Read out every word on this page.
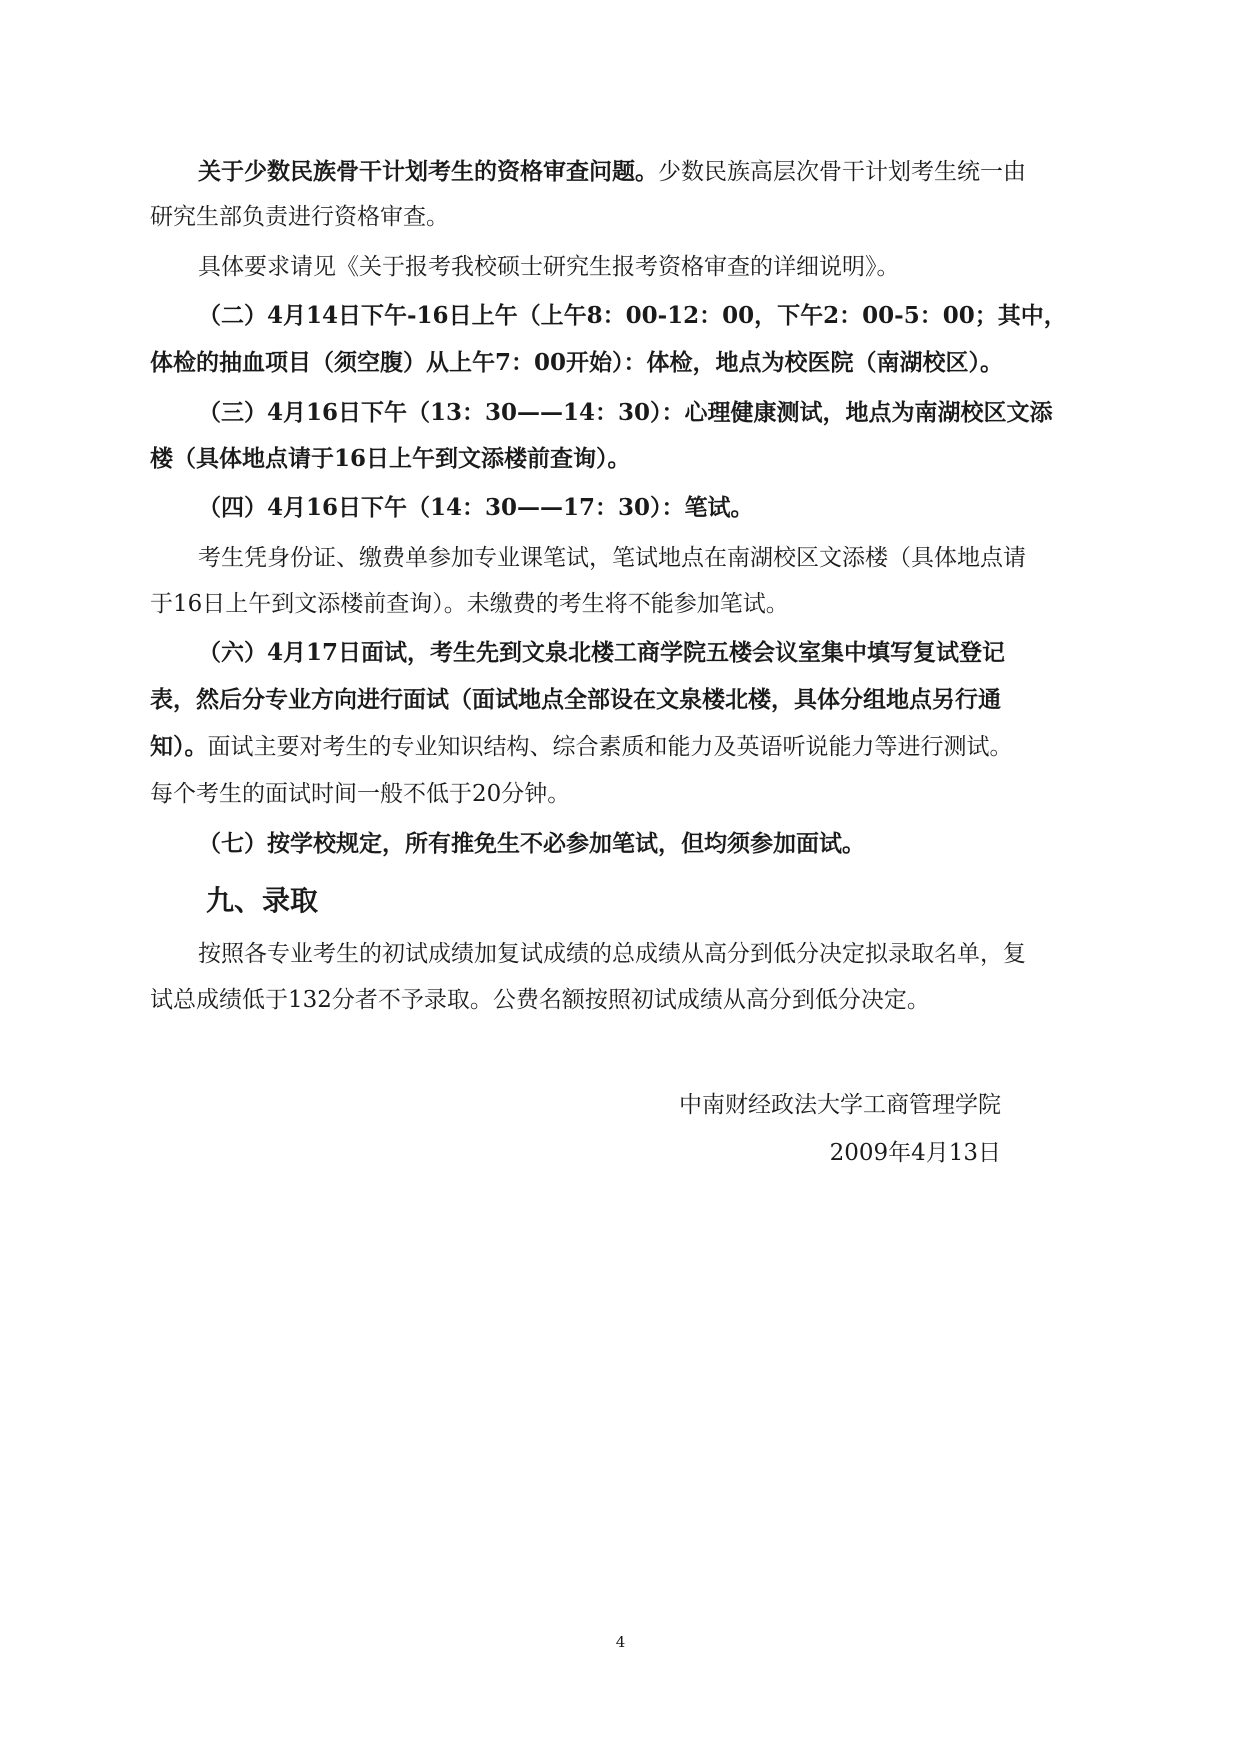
关于少数民族骨干计划考生的资格审查问题。少数民族高层次骨干计划考生统一由
研究生部负责进行资格审查。
具体要求请见《关于报考我校硕士研究生报考资格审查的详细说明》。
（二）4月14日下午-16日上午（上午8：00-12：00，下午2：00-5：00；其中，
体检的抽血项目（须空腹）从上午7：00开始）：体检，地点为校医院（南湖校区）。
（三）4月16日下午（13：30——14：30）：心理健康测试，地点为南湖校区文添
楼（具体地点请于16日上午到文添楼前查询）。
（四）4月16日下午（14：30——17：30）：笔试。
考生凭身份证、缴费单参加专业课笔试，笔试地点在南湖校区文添楼（具体地点请
于16日上午到文添楼前查询）。未缴费的考生将不能参加笔试。
（六）4月17日面试，考生先到文泉北楼工商学院五楼会议室集中填写复试登记
表，然后分专业方向进行面试（面试地点全部设在文泉楼北楼，具体分组地点另行通
知）。面试主要对考生的专业知识结构、综合素质和能力及英语听说能力等进行测试。
每个考生的面试时间一般不低于20分钟。
（七）按学校规定，所有推免生不必参加笔试，但均须参加面试。
九、录取
按照各专业考生的初试成绩加复试成绩的总成绩从高分到低分决定拟录取名单，复
试总成绩低于132分者不予录取。公费名额按照初试成绩从高分到低分决定。
中南财经政法大学工商管理学院
2009年4月13日
4
